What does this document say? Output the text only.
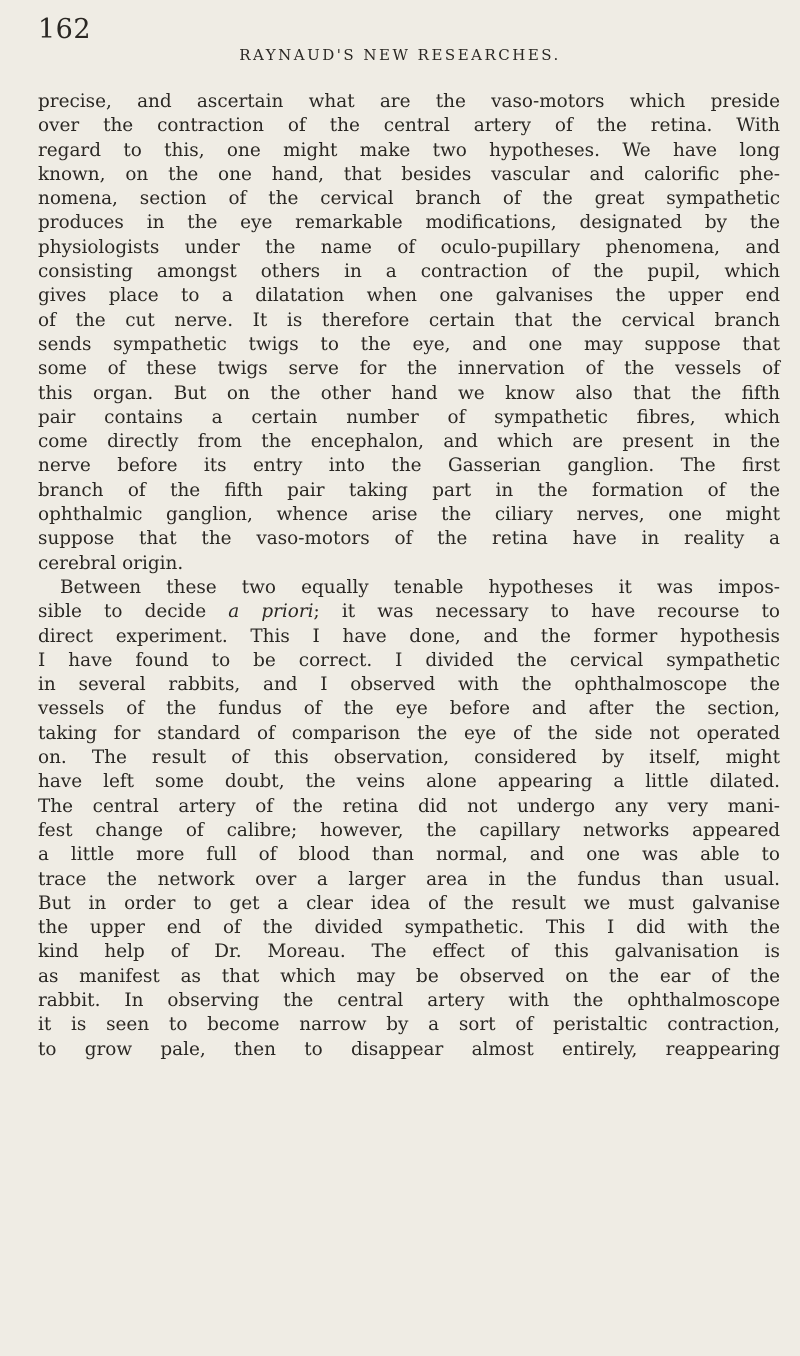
162
RAYNAUD'S NEW RESEARCHES.
precise, and ascertain what are the vaso-motors which preside
over the contraction of the central artery of the retina. With
regard to this, one might make two hypotheses. We have long
known, on the one hand, that besides vascular and calorific phe-
nomena, section of the cervical branch of the great sympathetic
produces in the eye remarkable modifications, designated by the
physiologists under the name of oculo-pupillary phenomena, and
consisting amongst others in a contraction of the pupil, which
gives place to a dilatation when one galvanises the upper end
of the cut nerve. It is therefore certain that the cervical branch
sends sympathetic twigs to the eye, and one may suppose that
some of these twigs serve for the innervation of the vessels of
this organ. But on the other hand we know also that the fifth
pair contains a certain number of sympathetic fibres, which
come directly from the encephalon, and which are present in the
nerve before its entry into the Gasserian ganglion. The first
branch of the fifth pair taking part in the formation of the
ophthalmic ganglion, whence arise the ciliary nerves, one might
suppose that the vaso-motors of the retina have in reality a
cerebral origin.
Between these two equally tenable hypotheses it was impos-
sible to decide a priori; it was necessary to have recourse to
direct experiment. This I have done, and the former hypothesis
I have found to be correct. I divided the cervical sympathetic
in several rabbits, and I observed with the ophthalmoscope the
vessels of the fundus of the eye before and after the section,
taking for standard of comparison the eye of the side not operated
on. The result of this observation, considered by itself, might
have left some doubt, the veins alone appearing a little dilated.
The central artery of the retina did not undergo any very mani-
fest change of calibre; however, the capillary networks appeared
a little more full of blood than normal, and one was able to
trace the network over a larger area in the fundus than usual.
But in order to get a clear idea of the result we must galvanise
the upper end of the divided sympathetic. This I did with the
kind help of Dr. Moreau. The effect of this galvanisation is
as manifest as that which may be observed on the ear of the
rabbit. In observing the central artery with the ophthalmoscope
it is seen to become narrow by a sort of peristaltic contraction,
to grow pale, then to disappear almost entirely, reappearing
